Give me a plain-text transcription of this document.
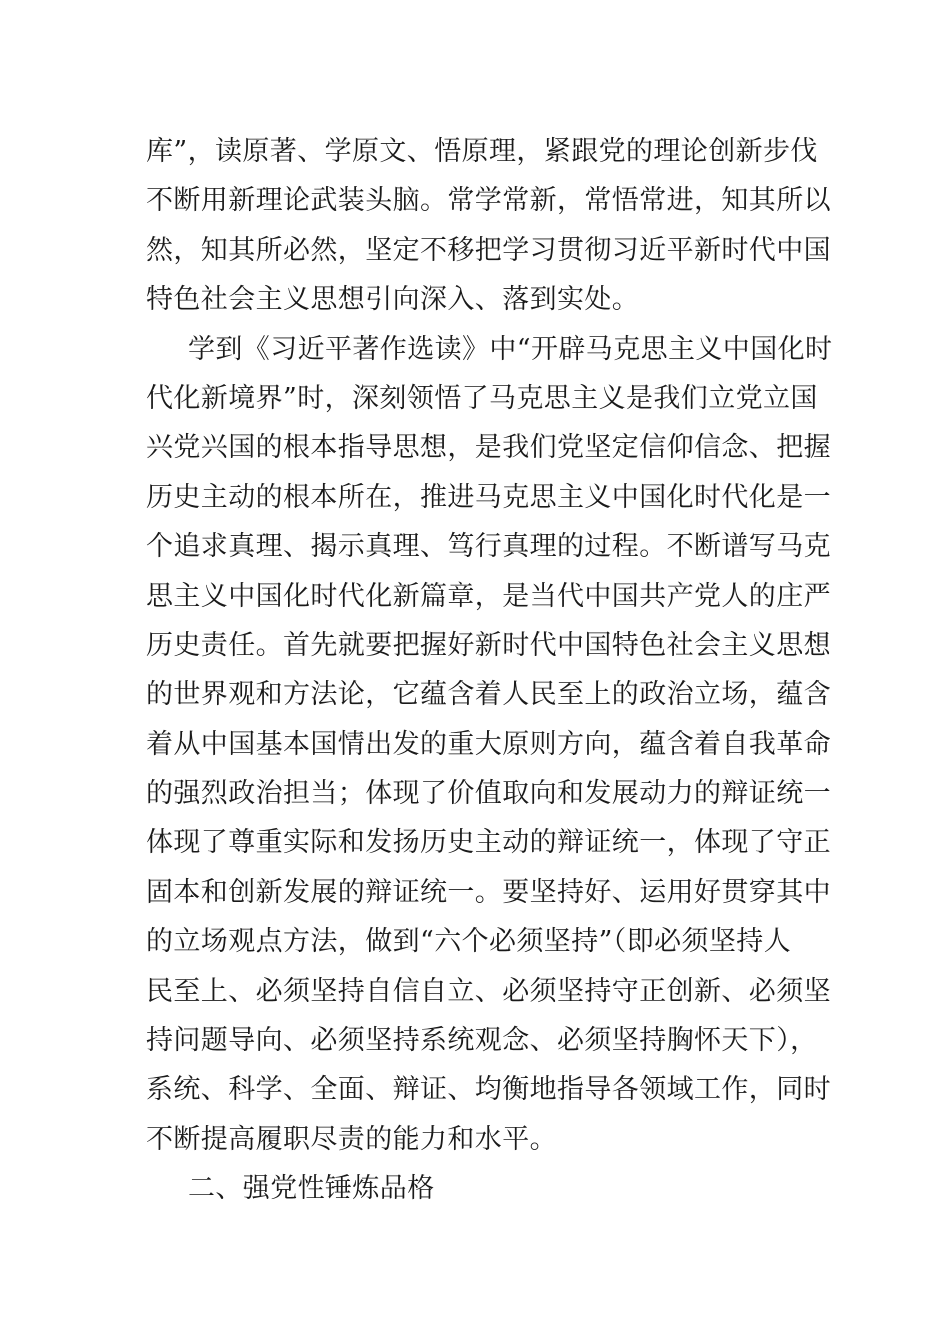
库”，读原著、学原文、悟原理，紧跟党的理论创新步伐
不断用新理论武装头脑。常学常新，常悟常进，知其所以
然，知其所必然，坚定不移把学习贯彻习近平新时代中国
特色社会主义思想引向深入、落到实处。
学到《习近平著作选读》中“开辟马克思主义中国化时
代化新境界”时，深刻领悟了马克思主义是我们立党立国
兴党兴国的根本指导思想，是我们党坚定信仰信念、把握
历史主动的根本所在，推进马克思主义中国化时代化是一
个追求真理、揭示真理、笃行真理的过程。不断谱写马克
思主义中国化时代化新篇章，是当代中国共产党人的庄严
历史责任。首先就要把握好新时代中国特色社会主义思想
的世界观和方法论，它蕴含着人民至上的政治立场，蕴含
着从中国基本国情出发的重大原则方向，蕴含着自我革命
的强烈政治担当；体现了价值取向和发展动力的辩证统一
体现了尊重实际和发扬历史主动的辩证统一，体现了守正
固本和创新发展的辩证统一。要坚持好、运用好贯穿其中
的立场观点方法，做到“六个必须坚持”（即必须坚持人
民至上、必须坚持自信自立、必须坚持守正创新、必须坚
持问题导向、必须坚持系统观念、必须坚持胸怀天下），
系统、科学、全面、辩证、均衡地指导各领域工作，同时
不断提高履职尽责的能力和水平。
二、强党性锤炼品格
